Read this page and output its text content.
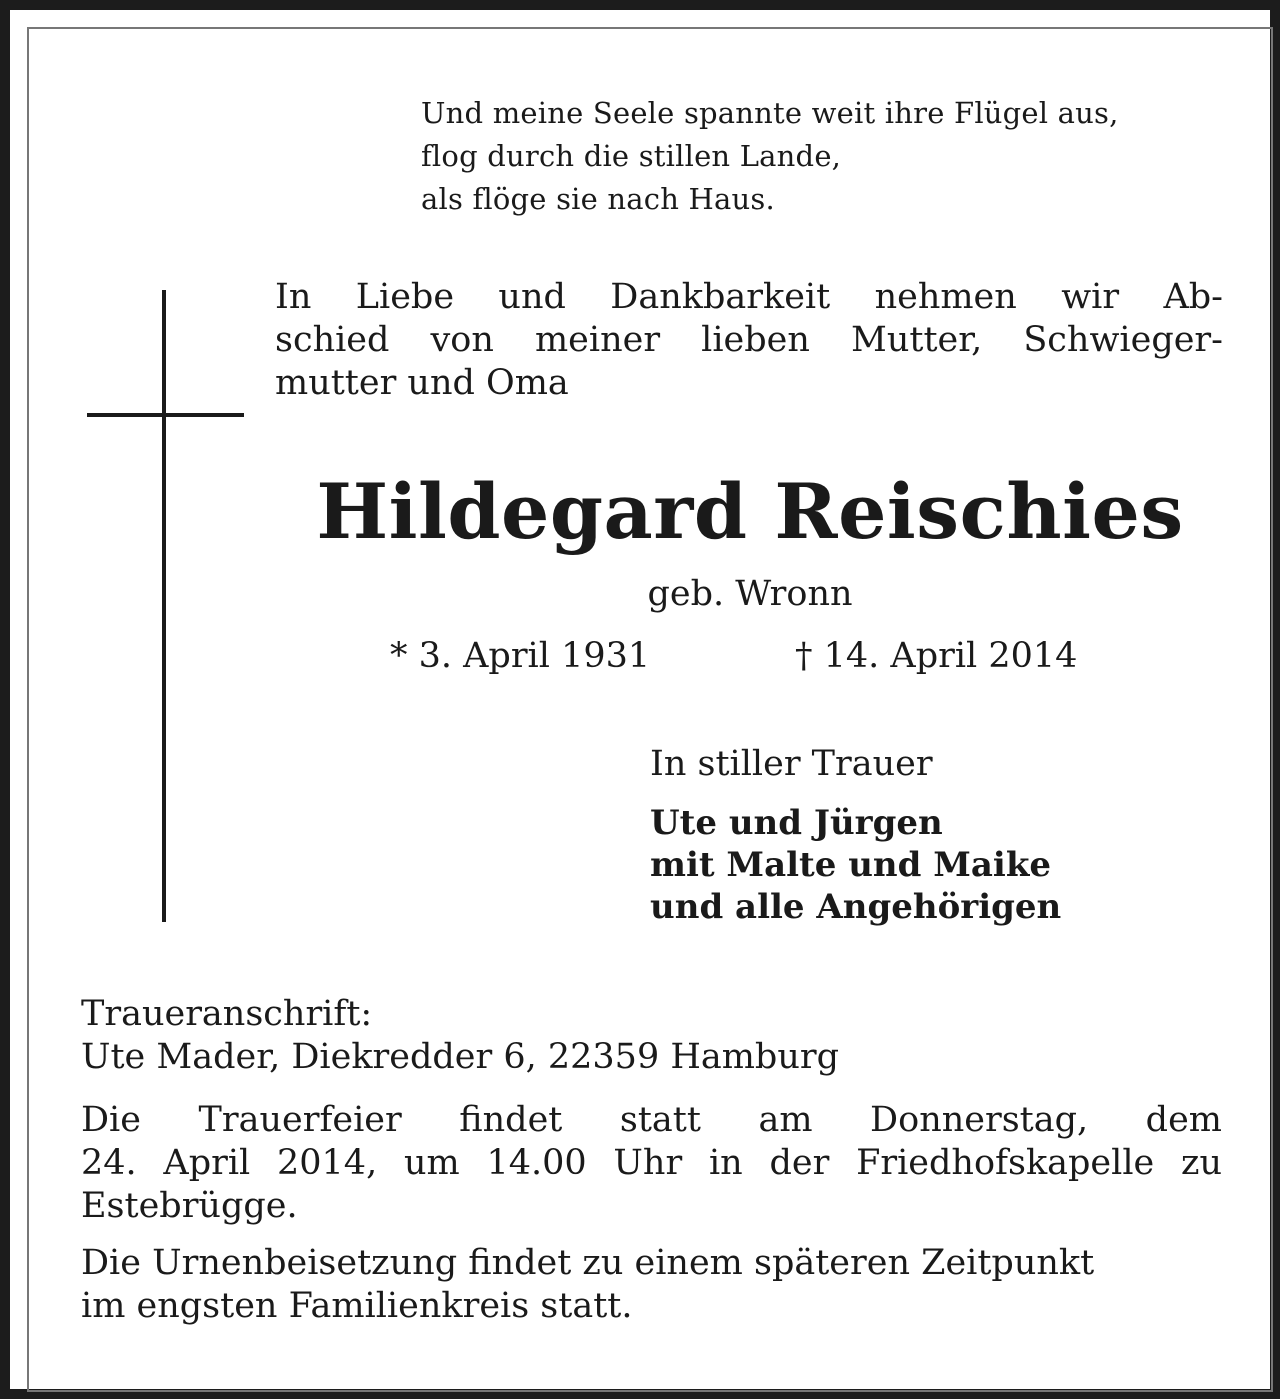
Und meine Seele spannte weit ihre Flügel aus,
flog durch die stillen Lande,
als flöge sie nach Haus.
In Liebe und Dankbarkeit nehmen wir Ab-
schied von meiner lieben Mutter, Schwieger-
mutter und Oma
Hildegard Reischies
geb. Wronn
* 3. April 1931	† 14. April 2014
In stiller Trauer
Ute und Jürgen
mit Malte und Maike
und alle Angehörigen
Traueranschrift:
Ute Mader, Diekredder 6, 22359 Hamburg
Die Trauerfeier findet statt am Donnerstag, dem
24. April 2014, um 14.00 Uhr in der Friedhofskapelle zu
Estebrügge.
Die Urnenbeisetzung findet zu einem späteren Zeitpunkt
im engsten Familienkreis statt.
